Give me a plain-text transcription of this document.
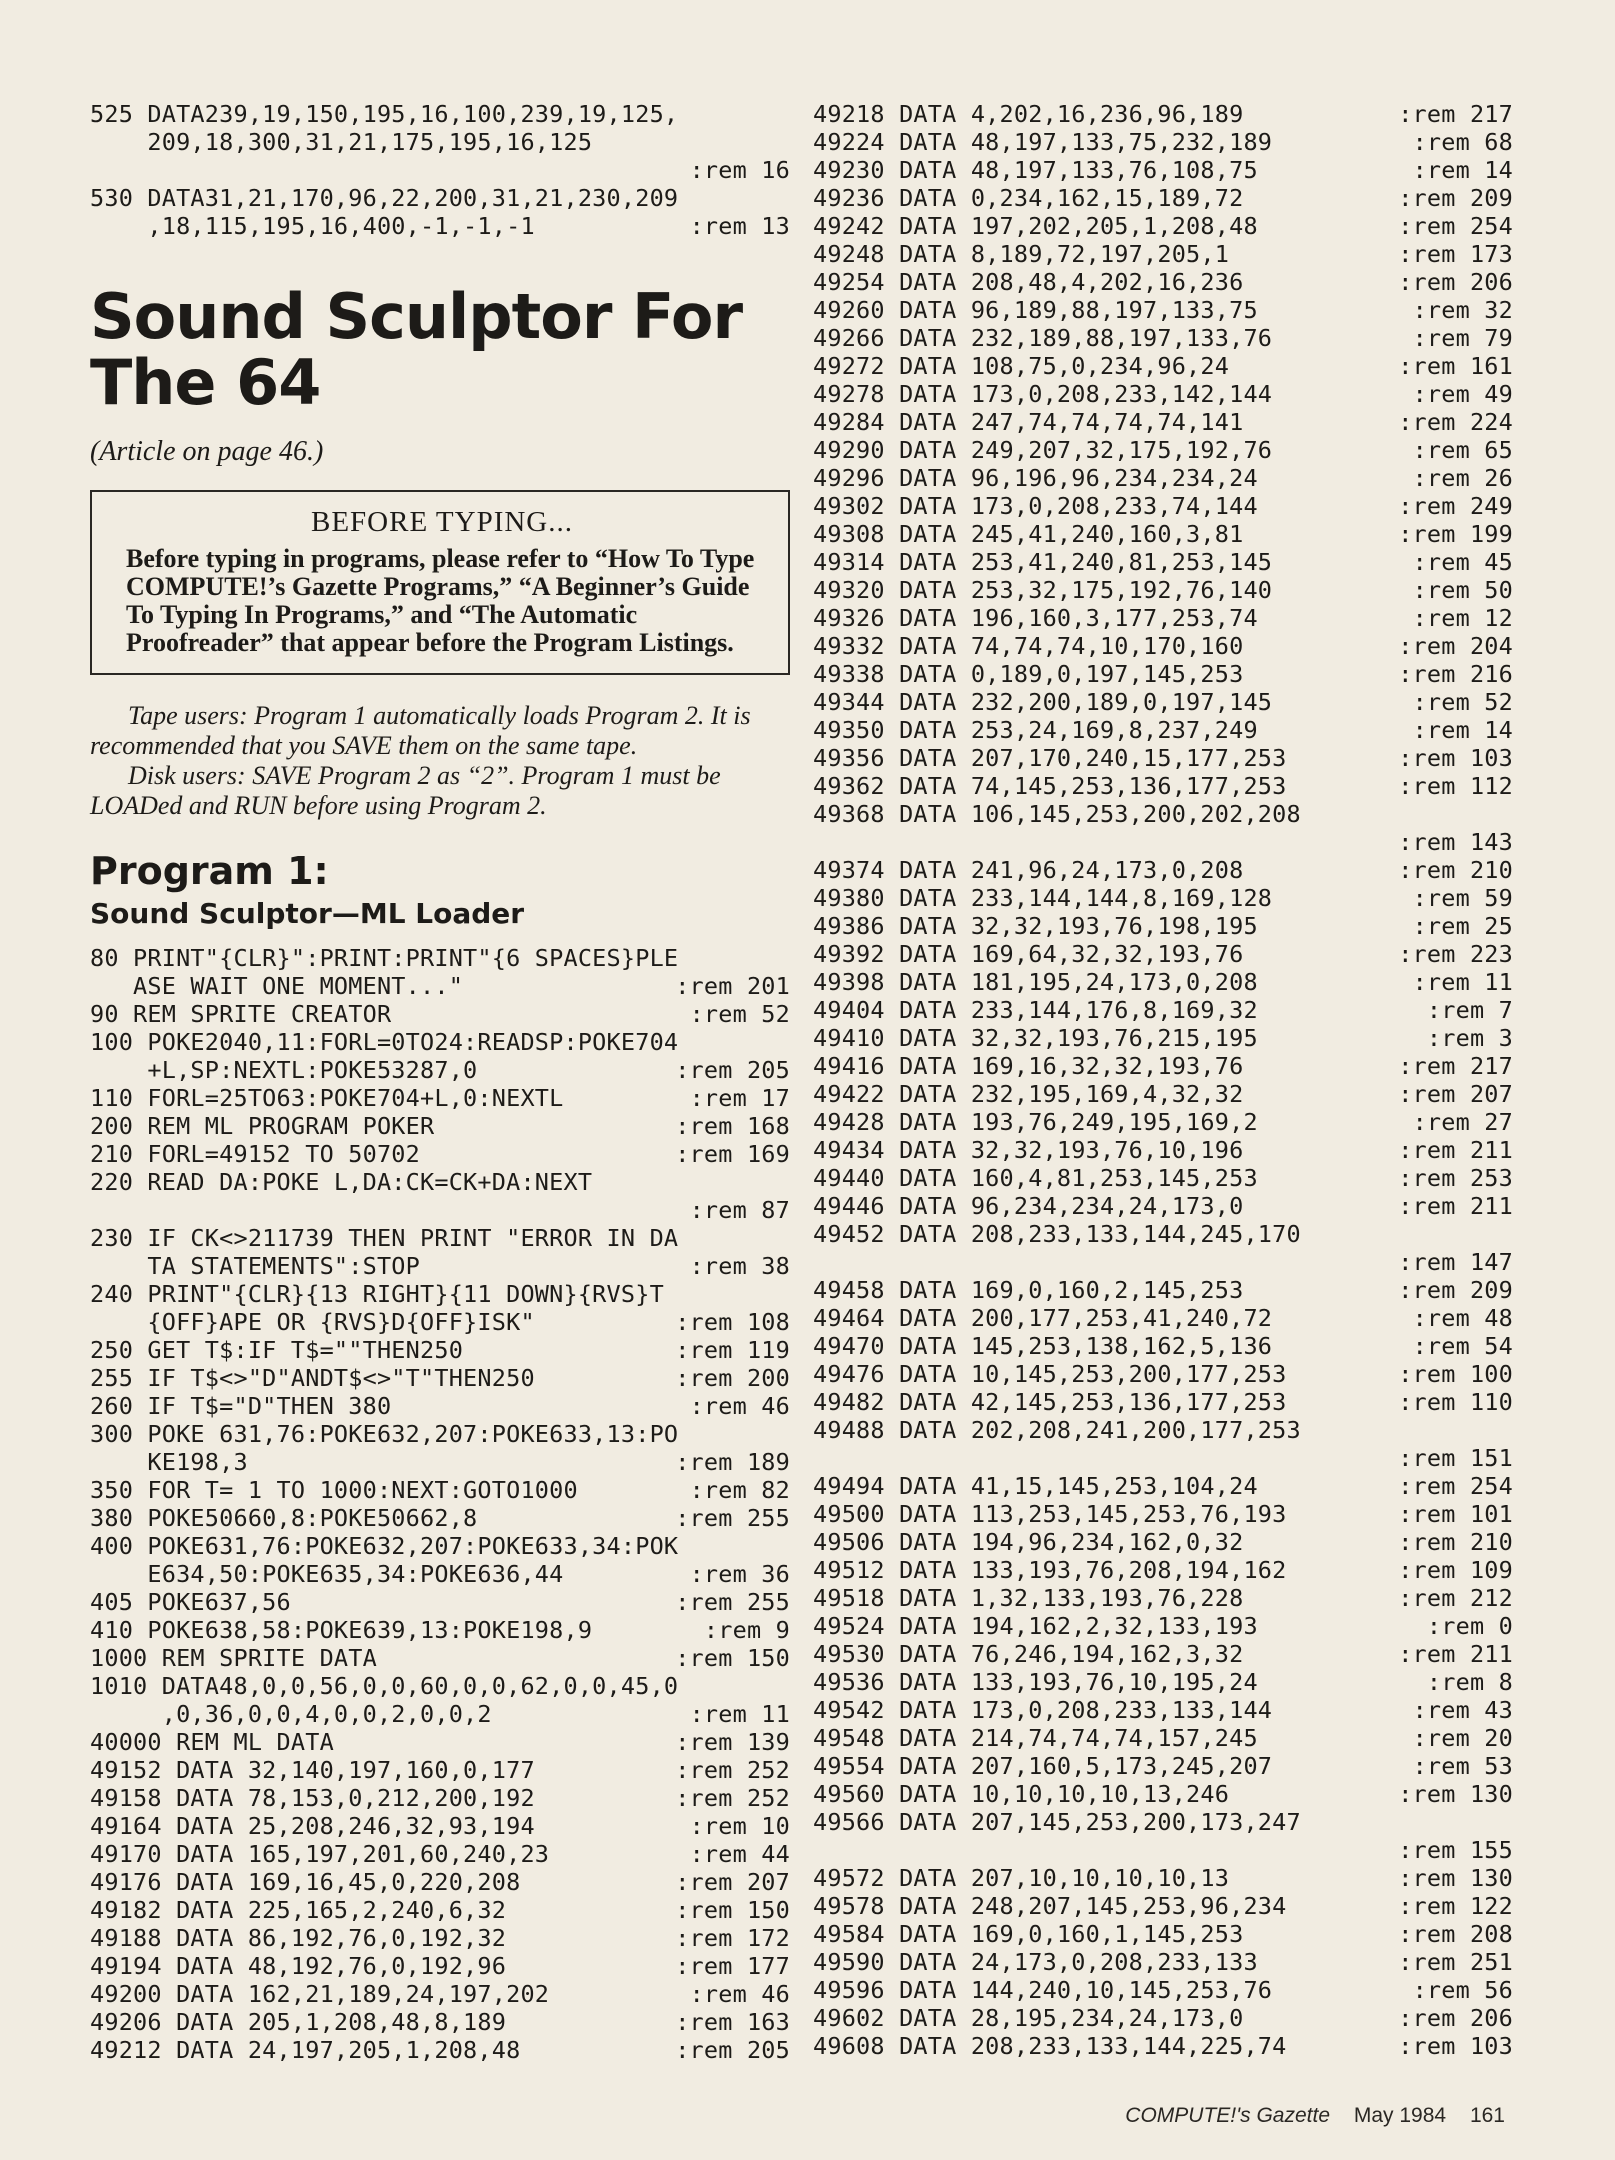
525 DATA239,19,150,195,16,100,239,19,125,
209,18,300,31,21,175,195,16,125
:rem 16
530 DATA31,21,170,96,22,200,31,21,230,209
,18,115,195,16,400,-1,-1,-1	:rem 13
Sound Sculptor For
The 64

(Article on page 46.)

BEFORE TYPING...

Before typing in programs, please refer to “How To Type COMPUTE!’s Gazette Programs,” “A Beginner’s Guide To Typing In Programs,” and “The Automatic Proofreader” that appear before the Program Listings.

Tape users: Program 1 automatically loads Program 2. It is recommended that you SAVE them on the same tape.

Disk users: SAVE Program 2 as “2”. Program 1 must be LOADed and RUN before using Program 2.

Program 1:
Sound Sculptor—ML Loader
80 PRINT"{CLR}":PRINT:PRINT"{6 SPACES}PLE
ASE WAIT ONE MOMENT..."	:rem 201
90 REM SPRITE CREATOR	:rem 52
100 POKE2040,11:FORL=0TO24:READSP:POKE704
+L,SP:NEXTL:POKE53287,0	:rem 205
110 FORL=25TO63:POKE704+L,0:NEXTL	:rem 17
200 REM ML PROGRAM POKER	:rem 168
210 FORL=49152 TO 50702	:rem 169
220 READ DA:POKE L,DA:CK=CK+DA:NEXT
:rem 87
230 IF CK<>211739 THEN PRINT "ERROR IN DA
TA STATEMENTS":STOP	:rem 38
240 PRINT"{CLR}{13 RIGHT}{11 DOWN}{RVS}T
{OFF}APE OR {RVS}D{OFF}ISK"	:rem 108
250 GET T$:IF T$=""THEN250	:rem 119
255 IF T$<>"D"ANDT$<>"T"THEN250	:rem 200
260 IF T$="D"THEN 380	:rem 46
300 POKE 631,76:POKE632,207:POKE633,13:PO
KE198,3	:rem 189
350 FOR T= 1 TO 1000:NEXT:GOTO1000	:rem 82
380 POKE50660,8:POKE50662,8	:rem 255
400 POKE631,76:POKE632,207:POKE633,34:POK
E634,50:POKE635,34:POKE636,44	:rem 36
405 POKE637,56	:rem 255
410 POKE638,58:POKE639,13:POKE198,9	:rem 9
1000 REM SPRITE DATA	:rem 150
1010 DATA48,0,0,56,0,0,60,0,0,62,0,0,45,0
,0,36,0,0,4,0,0,2,0,0,2	:rem 11
40000 REM ML DATA	:rem 139
49152 DATA 32,140,197,160,0,177	:rem 252
49158 DATA 78,153,0,212,200,192	:rem 252
49164 DATA 25,208,246,32,93,194	:rem 10
49170 DATA 165,197,201,60,240,23	:rem 44
49176 DATA 169,16,45,0,220,208	:rem 207
49182 DATA 225,165,2,240,6,32	:rem 150
49188 DATA 86,192,76,0,192,32	:rem 172
49194 DATA 48,192,76,0,192,96	:rem 177
49200 DATA 162,21,189,24,197,202	:rem 46
49206 DATA 205,1,208,48,8,189	:rem 163
49212 DATA 24,197,205,1,208,48	:rem 205
49218 DATA 4,202,16,236,96,189	:rem 217
49224 DATA 48,197,133,75,232,189	:rem 68
49230 DATA 48,197,133,76,108,75	:rem 14
49236 DATA 0,234,162,15,189,72	:rem 209
49242 DATA 197,202,205,1,208,48	:rem 254
49248 DATA 8,189,72,197,205,1	:rem 173
49254 DATA 208,48,4,202,16,236	:rem 206
49260 DATA 96,189,88,197,133,75	:rem 32
49266 DATA 232,189,88,197,133,76	:rem 79
49272 DATA 108,75,0,234,96,24	:rem 161
49278 DATA 173,0,208,233,142,144	:rem 49
49284 DATA 247,74,74,74,74,141	:rem 224
49290 DATA 249,207,32,175,192,76	:rem 65
49296 DATA 96,196,96,234,234,24	:rem 26
49302 DATA 173,0,208,233,74,144	:rem 249
49308 DATA 245,41,240,160,3,81	:rem 199
49314 DATA 253,41,240,81,253,145	:rem 45
49320 DATA 253,32,175,192,76,140	:rem 50
49326 DATA 196,160,3,177,253,74	:rem 12
49332 DATA 74,74,74,10,170,160	:rem 204
49338 DATA 0,189,0,197,145,253	:rem 216
49344 DATA 232,200,189,0,197,145	:rem 52
49350 DATA 253,24,169,8,237,249	:rem 14
49356 DATA 207,170,240,15,177,253	:rem 103
49362 DATA 74,145,253,136,177,253	:rem 112
49368 DATA 106,145,253,200,202,208
:rem 143
49374 DATA 241,96,24,173,0,208	:rem 210
49380 DATA 233,144,144,8,169,128	:rem 59
49386 DATA 32,32,193,76,198,195	:rem 25
49392 DATA 169,64,32,32,193,76	:rem 223
49398 DATA 181,195,24,173,0,208	:rem 11
49404 DATA 233,144,176,8,169,32	:rem 7
49410 DATA 32,32,193,76,215,195	:rem 3
49416 DATA 169,16,32,32,193,76	:rem 217
49422 DATA 232,195,169,4,32,32	:rem 207
49428 DATA 193,76,249,195,169,2	:rem 27
49434 DATA 32,32,193,76,10,196	:rem 211
49440 DATA 160,4,81,253,145,253	:rem 253
49446 DATA 96,234,234,24,173,0	:rem 211
49452 DATA 208,233,133,144,245,170
:rem 147
49458 DATA 169,0,160,2,145,253	:rem 209
49464 DATA 200,177,253,41,240,72	:rem 48
49470 DATA 145,253,138,162,5,136	:rem 54
49476 DATA 10,145,253,200,177,253	:rem 100
49482 DATA 42,145,253,136,177,253	:rem 110
49488 DATA 202,208,241,200,177,253
:rem 151
49494 DATA 41,15,145,253,104,24	:rem 254
49500 DATA 113,253,145,253,76,193	:rem 101
49506 DATA 194,96,234,162,0,32	:rem 210
49512 DATA 133,193,76,208,194,162	:rem 109
49518 DATA 1,32,133,193,76,228	:rem 212
49524 DATA 194,162,2,32,133,193	:rem 0
49530 DATA 76,246,194,162,3,32	:rem 211
49536 DATA 133,193,76,10,195,24	:rem 8
49542 DATA 173,0,208,233,133,144	:rem 43
49548 DATA 214,74,74,74,157,245	:rem 20
49554 DATA 207,160,5,173,245,207	:rem 53
49560 DATA 10,10,10,10,13,246	:rem 130
49566 DATA 207,145,253,200,173,247
:rem 155
49572 DATA 207,10,10,10,10,13	:rem 130
49578 DATA 248,207,145,253,96,234	:rem 122
49584 DATA 169,0,160,1,145,253	:rem 208
49590 DATA 24,173,0,208,233,133	:rem 251
49596 DATA 144,240,10,145,253,76	:rem 56
49602 DATA 28,195,234,24,173,0	:rem 206
49608 DATA 208,233,133,144,225,74	:rem 103
COMPUTE!'s Gazette May 1984 161
